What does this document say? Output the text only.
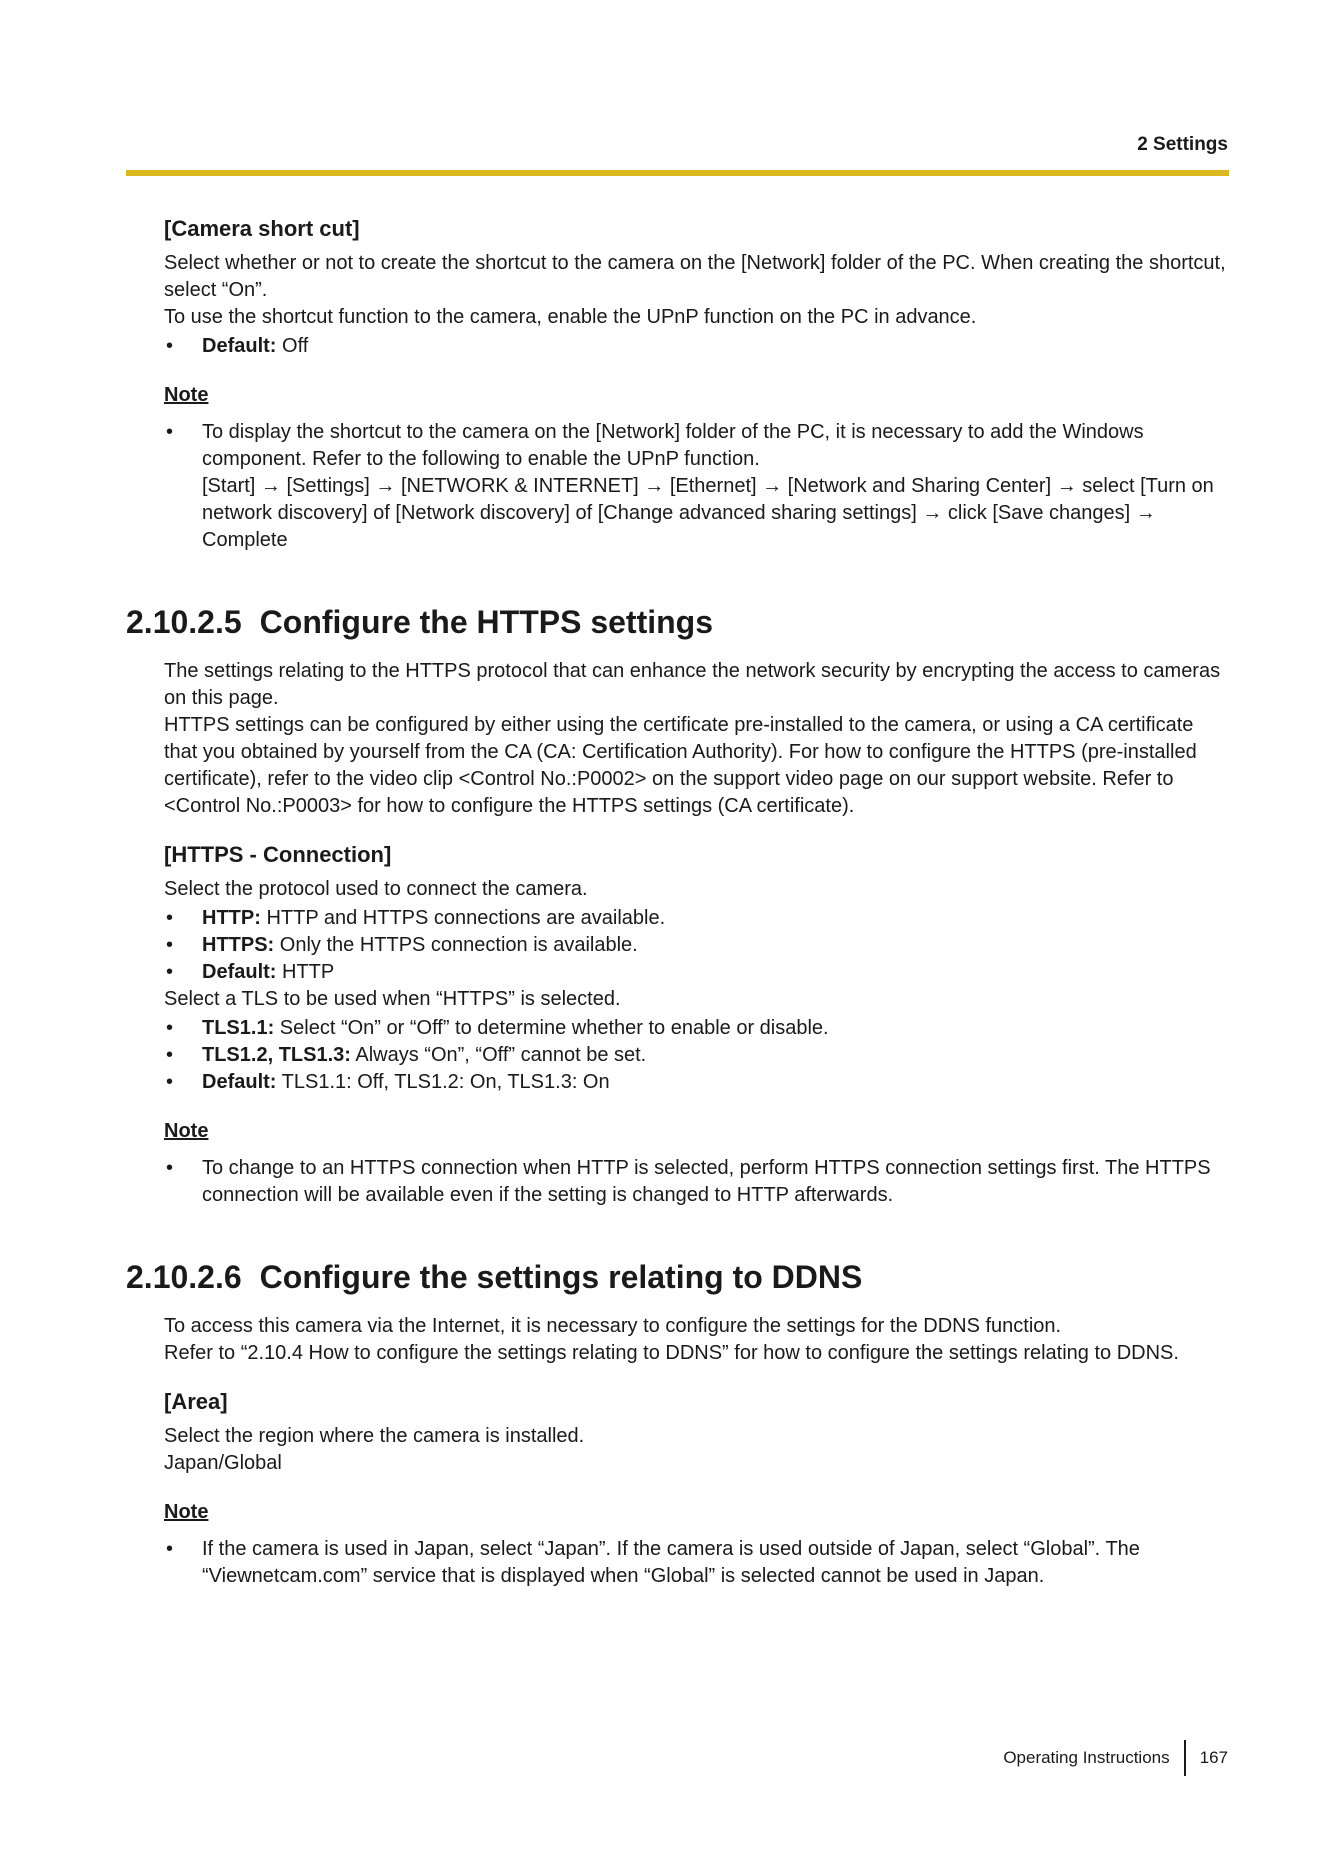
2 Settings
[Camera short cut]

Select whether or not to create the shortcut to the camera on the [Network] folder of the PC. When creating the shortcut, select “On”.

To use the shortcut function to the camera, enable the UPnP function on the PC in advance.

• Default: Off
Note
• To display the shortcut to the camera on the [Network] folder of the PC, it is necessary to add the Windows component. Refer to the following to enable the UPnP function.
[Start] → [Settings] → [NETWORK & INTERNET] → [Ethernet] → [Network and Sharing Center] → select [Turn on network discovery] of [Network discovery] of [Change advanced sharing settings] → click [Save changes] → Complete
2.10.2.5 Configure the HTTPS settings

The settings relating to the HTTPS protocol that can enhance the network security by encrypting the access to cameras on this page.

HTTPS settings can be configured by either using the certificate pre-installed to the camera, or using a CA certificate that you obtained by yourself from the CA (CA: Certification Authority). For how to configure the HTTPS (pre-installed certificate), refer to the video clip <Control No.:P0002> on the support video page on our support website. Refer to <Control No.:P0003> for how to configure the HTTPS settings (CA certificate).

[HTTPS - Connection]

Select the protocol used to connect the camera.

• HTTP: HTTP and HTTPS connections are available.
• HTTPS: Only the HTTPS connection is available.
• Default: HTTP

Select a TLS to be used when “HTTPS” is selected.

• TLS1.1: Select “On” or “Off” to determine whether to enable or disable.
• TLS1.2, TLS1.3: Always “On”, “Off” cannot be set.
• Default: TLS1.1: Off, TLS1.2: On, TLS1.3: On
Note
• To change to an HTTPS connection when HTTP is selected, perform HTTPS connection settings first. The HTTPS connection will be available even if the setting is changed to HTTP afterwards.
2.10.2.6 Configure the settings relating to DDNS

To access this camera via the Internet, it is necessary to configure the settings for the DDNS function.

Refer to “2.10.4 How to configure the settings relating to DDNS” for how to configure the settings relating to DDNS.

[Area]

Select the region where the camera is installed.

Japan/Global

Note
• If the camera is used in Japan, select “Japan”. If the camera is used outside of Japan, select “Global”. The “Viewnetcam.com” service that is displayed when “Global” is selected cannot be used in Japan.
Operating Instructions 167
